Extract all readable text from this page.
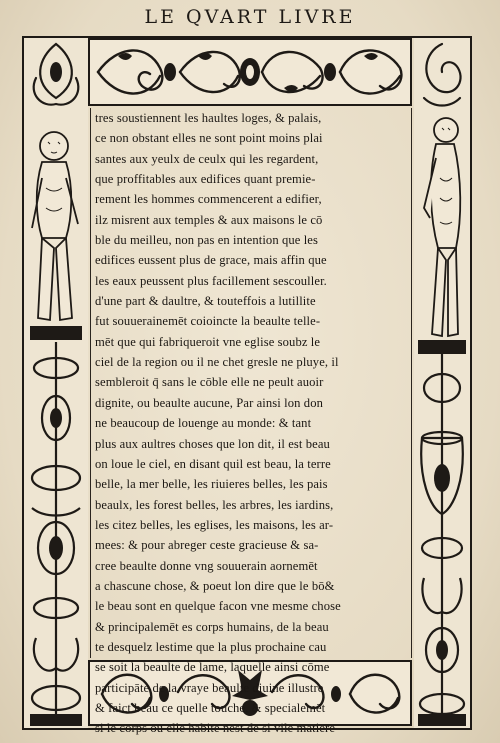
LE QVART LIVRE
tres soustiennent les haultes loges, & palais,
ce non obstant elles ne sont point moins plai
santes aux yeulx de ceulx qui les regardent,
que proffitables aux edifices quant premie-
rement les hommes commencerent a edifier,
ilz misrent aux temples & aux maisons le cō
ble du meilleu, non pas en intention que les
edifices eussent plus de grace, mais affin que
les eaux peussent plus facillement sescouller.
d'une part & daultre, & touteffois a lutillite
fut souuerainemēt coioincte la beaulte telle-
mēt que qui fabriqueroit vne eglise soubz le
ciel de la region ou il ne chet gresle ne pluye, il
sembleroit q̄ sans le cōble elle ne peult auoir
dignite, ou beaulte aucune, Par ainsi lon don
ne beaucoup de louenge au monde: & tant
plus aux aultres choses que lon dit, il est beau
on loue le ciel, en disant quil est beau, la terre
belle, la mer belle, les riuieres belles, les pais
beaulx, les forest belles, les arbres, les iardins,
les citez belles, les eglises, les maisons, les ar-
mees: & pour abreger ceste gracieuse & sa-
cree beaulte donne vng souuerain aornemēt
a chascune chose, & poeut lon dire que le bō&
le beau sont en quelque facon vne mesme chose
& principalemēt es corps humains, de la beau
te desquelz lestime que la plus prochaine cau
se soit la beaulte de lame, laquelle ainsi cōme
participāte de la vraye beaulte diuine illustre
& faict beau ce quelle touche, & specialemēt
si le corps ou elle habite nest de si vile matiere
